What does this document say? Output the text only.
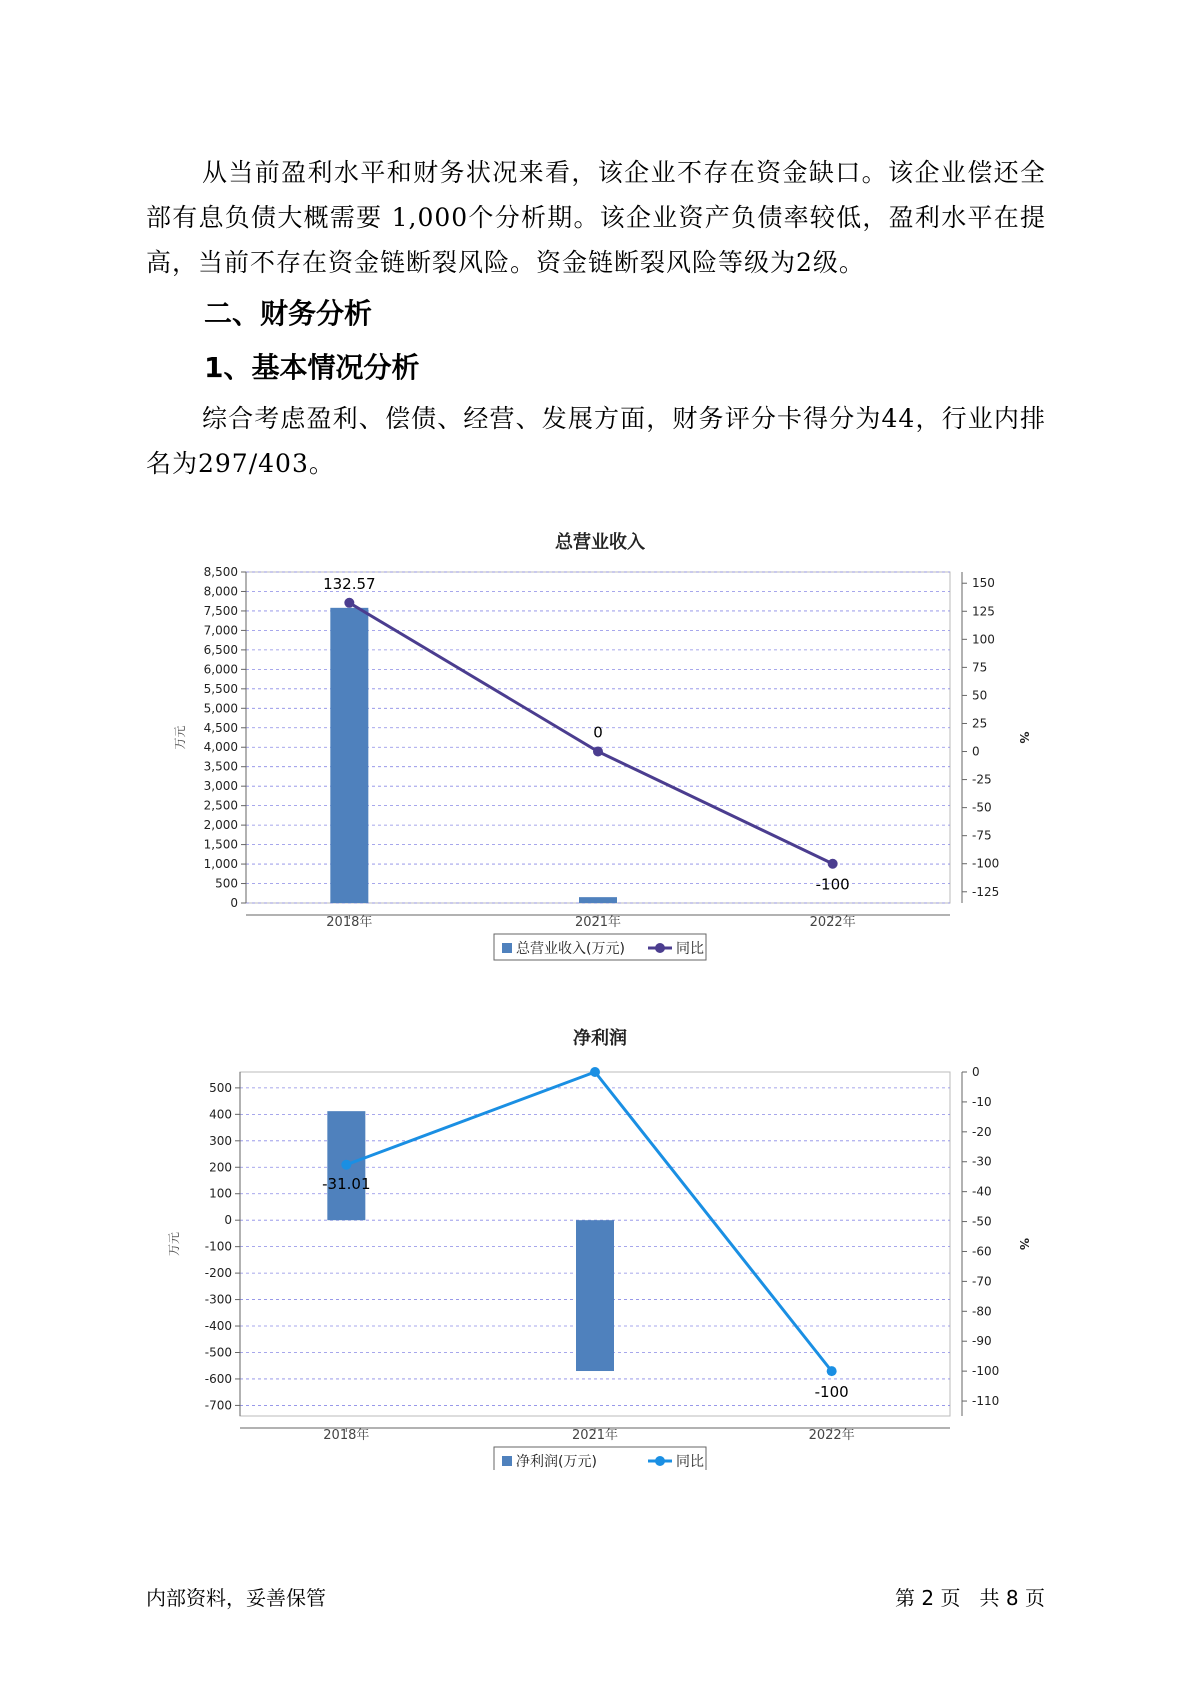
从当前盈利水平和财务状况来看，该企业不存在资金缺口。该企业偿还全部有息负债大概需要 1,000个分析期。该企业资产负债率较低，盈利水平在提高，当前不存在资金链断裂风险。资金链断裂风险等级为2级。

二、财务分析
1、基本情况分析

综合考虑盈利、偿债、经营、发展方面，财务评分卡得分为44，行业内排名为297/403。

总营业收入
0
500
1,000
1,500
2,000
2,500
3,000
3,500
4,000
4,500
5,000
5,500
6,000
6,500
7,000
7,500
8,000
8,500
万元
-125
-100
-75
-50
-25
0
25
50
75
100
125
150
%
2018年	2021年	2022年
132.57
0
-100
总营业收入(万元)	同比
净利润
-700
-600
-500
-400
-300
-200
-100
0
100
200
300
400
500
万元
-110
-100
-90
-80
-70
-60
-50
-40
-30
-20
-10
0
%
2018年	2021年	2022年
-31.01
-100
净利润(万元)	同比
内部资料，妥善保管	第 2 页   共 8 页
